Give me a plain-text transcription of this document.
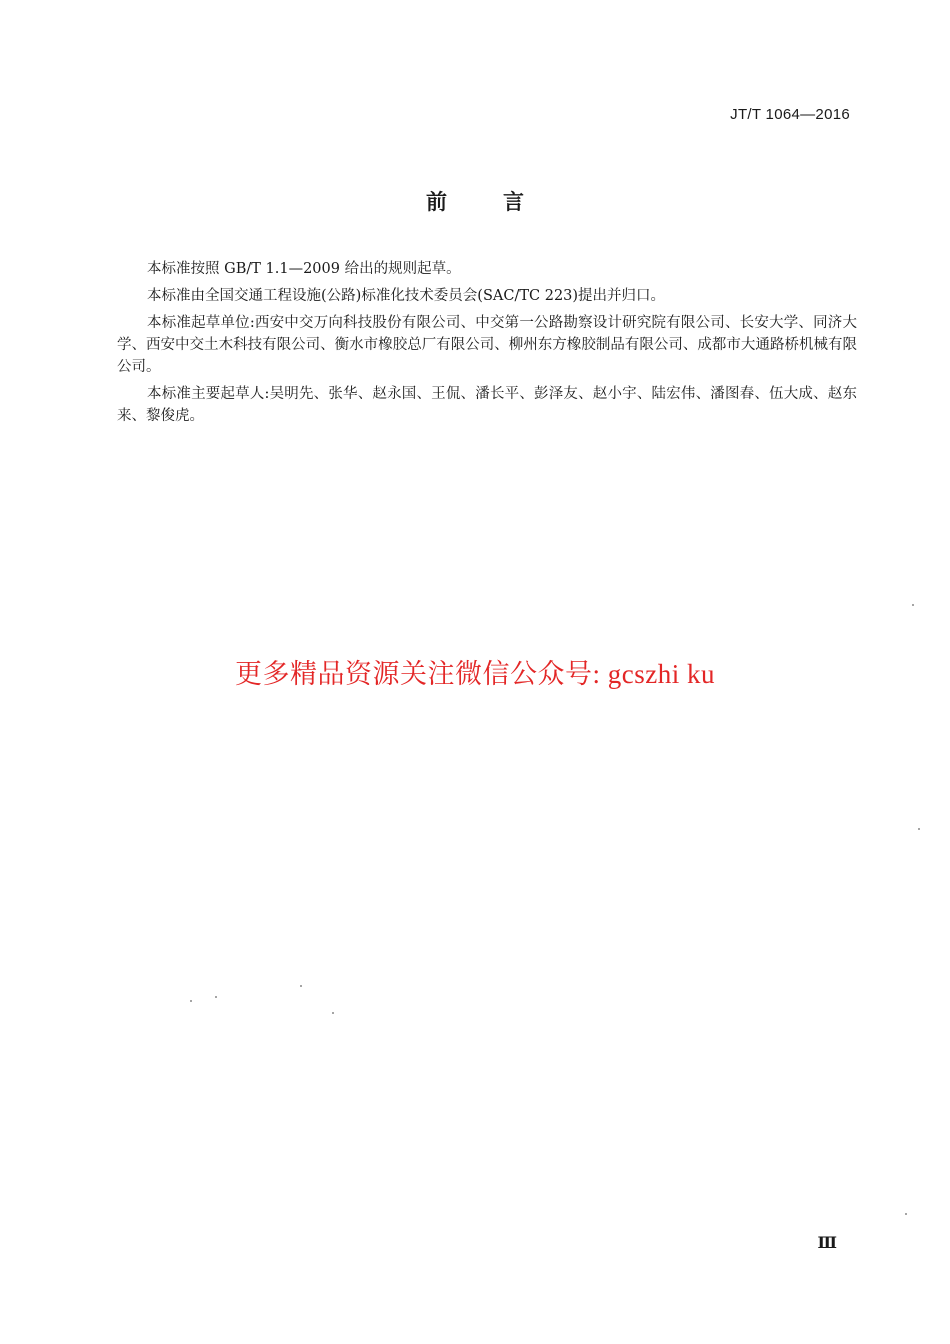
JT/T 1064—2016
前言

本标准按照 GB/T 1.1—2009 给出的规则起草。

本标准由全国交通工程设施(公路)标准化技术委员会(SAC/TC 223)提出并归口。

本标准起草单位:西安中交万向科技股份有限公司、中交第一公路勘察设计研究院有限公司、长安大学、同济大学、西安中交土木科技有限公司、衡水市橡胶总厂有限公司、柳州东方橡胶制品有限公司、成都市大通路桥机械有限公司。

本标准主要起草人:吴明先、张华、赵永国、王侃、潘长平、彭泽友、赵小宇、陆宏伟、潘图春、伍大成、赵东来、黎俊虎。

更多精品资源关注微信公众号: gcszhi ku

Ⅲ
